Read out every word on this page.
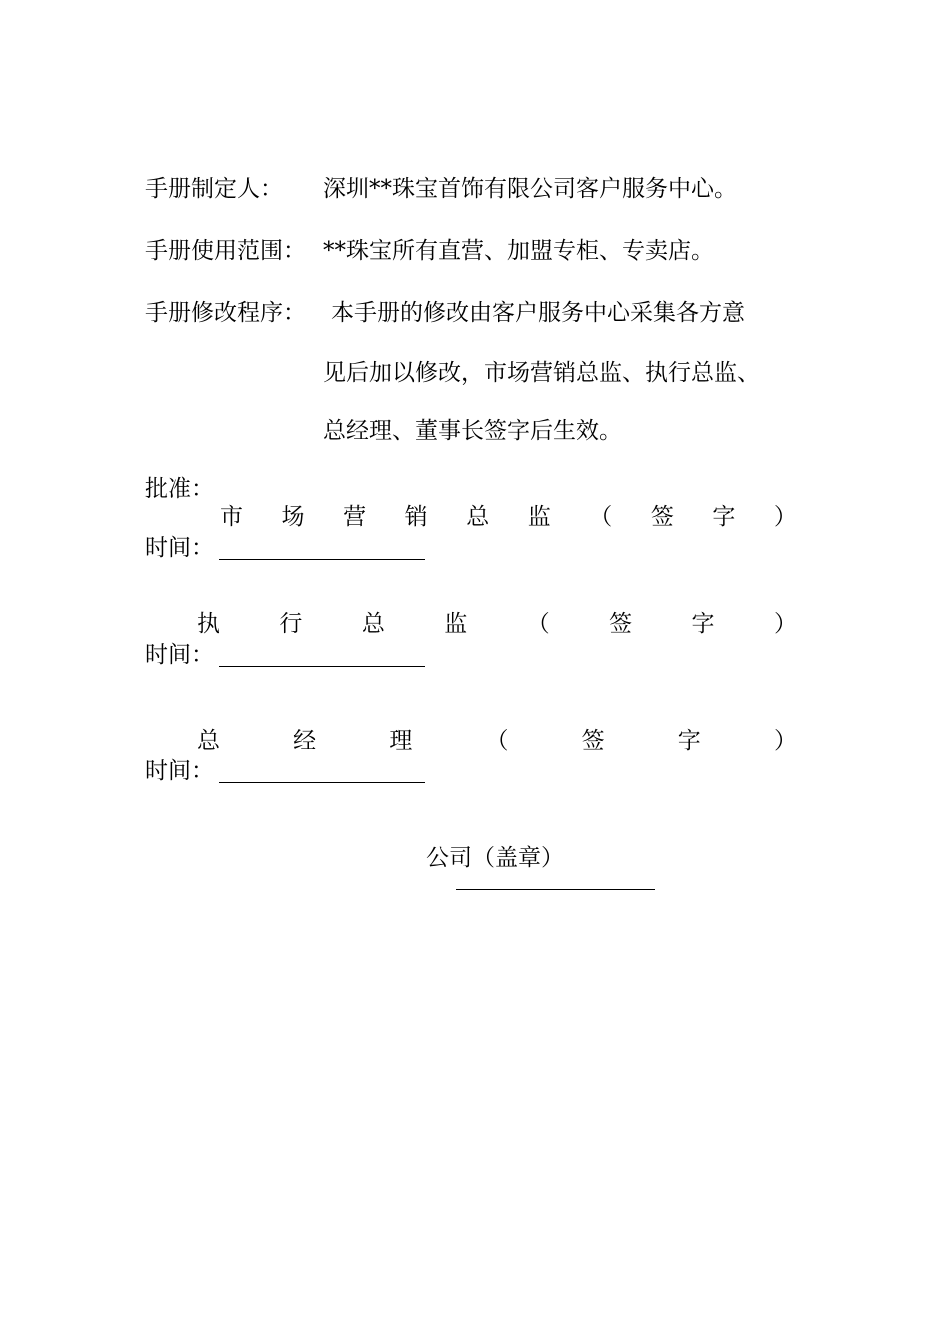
手册制定人： 深圳**珠宝首饰有限公司客户服务中心。
手册使用范围： **珠宝所有直营、加盟专柜、专卖店。
手册修改程序： 本手册的修改由客户服务中心采集各方意
见后加以修改，市场营销总监、执行总监、
总经理、董事长签字后生效。
批准：
市 场 营 销 总 监 （ 签 字 ）
时间：
执	行	总	监	（	签	字	）
时间：
总	经	理	（	签	字	）
时间：
公司（盖章）
